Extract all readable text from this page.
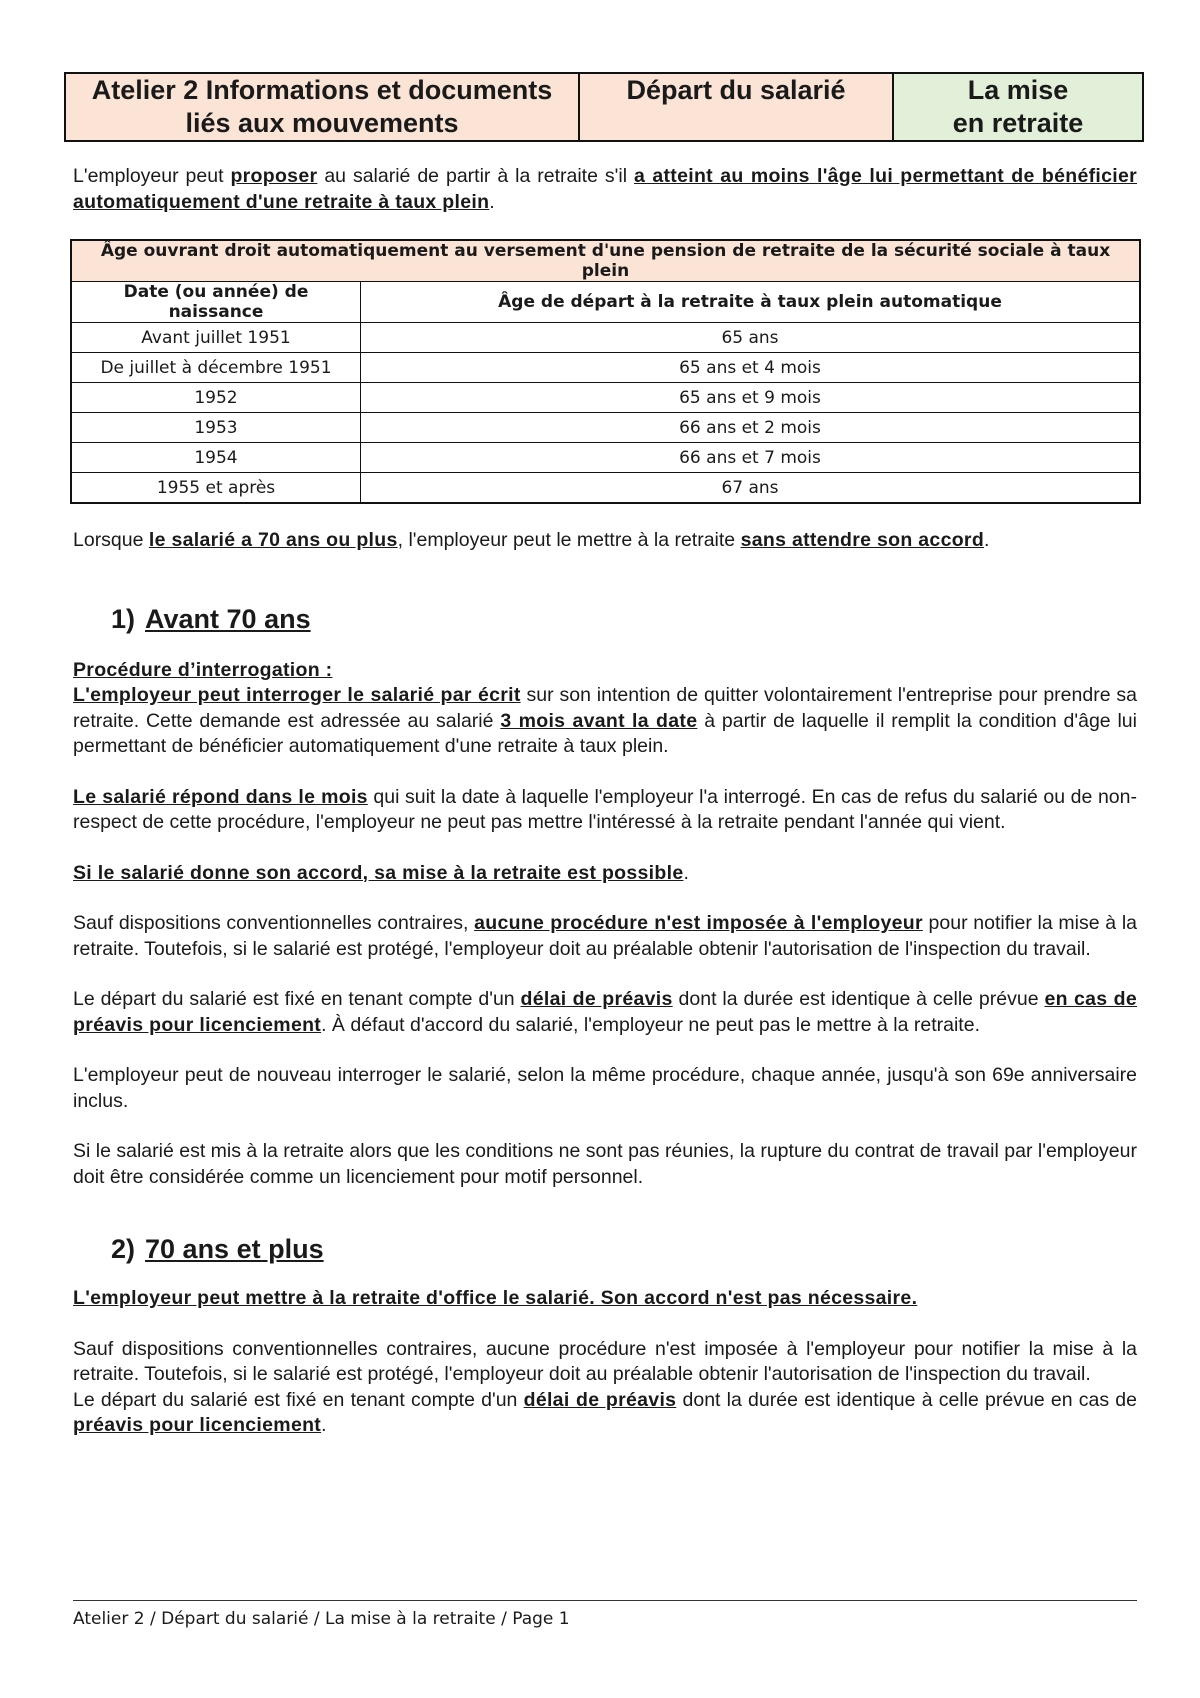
Atelier 2 Informations et documents
liés aux mouvements
	Départ du salarié	La mise
en retraite

L'employeur peut proposer au salarié de partir à la retraite s'il a atteint au moins l'âge lui permettant de bénéficier automatiquement d'une retraite à taux plein.

Âge ouvrant droit automatiquement au versement d'une pension de retraite de la sécurité sociale à taux plein	
Date (ou année) de naissance	Âge de départ à la retraite à taux plein automatique
Avant juillet 1951	65 ans
De juillet à décembre 1951	65 ans et 4 mois
1952	65 ans et 9 mois
1953	66 ans et 2 mois
1954	66 ans et 7 mois
1955 et après	67 ans

Lorsque le salarié a 70 ans ou plus, l'employeur peut le mettre à la retraite sans attendre son accord.

1) Avant 70 ans

Procédure d’interrogation :

L'employeur peut interroger le salarié par écrit sur son intention de quitter volontairement l'entreprise pour prendre sa retraite. Cette demande est adressée au salarié 3 mois avant la date à partir de laquelle il remplit la condition d'âge lui permettant de bénéficier automatiquement d'une retraite à taux plein.

Le salarié répond dans le mois qui suit la date à laquelle l'employeur l'a interrogé. En cas de refus du salarié ou de non-respect de cette procédure, l'employeur ne peut pas mettre l'intéressé à la retraite pendant l'année qui vient.

Si le salarié donne son accord, sa mise à la retraite est possible.

Sauf dispositions conventionnelles contraires, aucune procédure n'est imposée à l'employeur pour notifier la mise à la retraite. Toutefois, si le salarié est protégé, l'employeur doit au préalable obtenir l'autorisation de l'inspection du travail.

Le départ du salarié est fixé en tenant compte d'un délai de préavis dont la durée est identique à celle prévue en cas de préavis pour licenciement. À défaut d'accord du salarié, l'employeur ne peut pas le mettre à la retraite.

L'employeur peut de nouveau interroger le salarié, selon la même procédure, chaque année, jusqu'à son 69e anniversaire inclus.

Si le salarié est mis à la retraite alors que les conditions ne sont pas réunies, la rupture du contrat de travail par l'employeur doit être considérée comme un licenciement pour motif personnel.

2) 70 ans et plus

L'employeur peut mettre à la retraite d'office le salarié. Son accord n'est pas nécessaire.

Sauf dispositions conventionnelles contraires, aucune procédure n'est imposée à l'employeur pour notifier la mise à la retraite. Toutefois, si le salarié est protégé, l'employeur doit au préalable obtenir l'autorisation de l'inspection du travail.

Le départ du salarié est fixé en tenant compte d'un délai de préavis dont la durée est identique à celle prévue en cas de préavis pour licenciement.

Atelier 2 / Départ du salarié / La mise à la retraite / Page 1
